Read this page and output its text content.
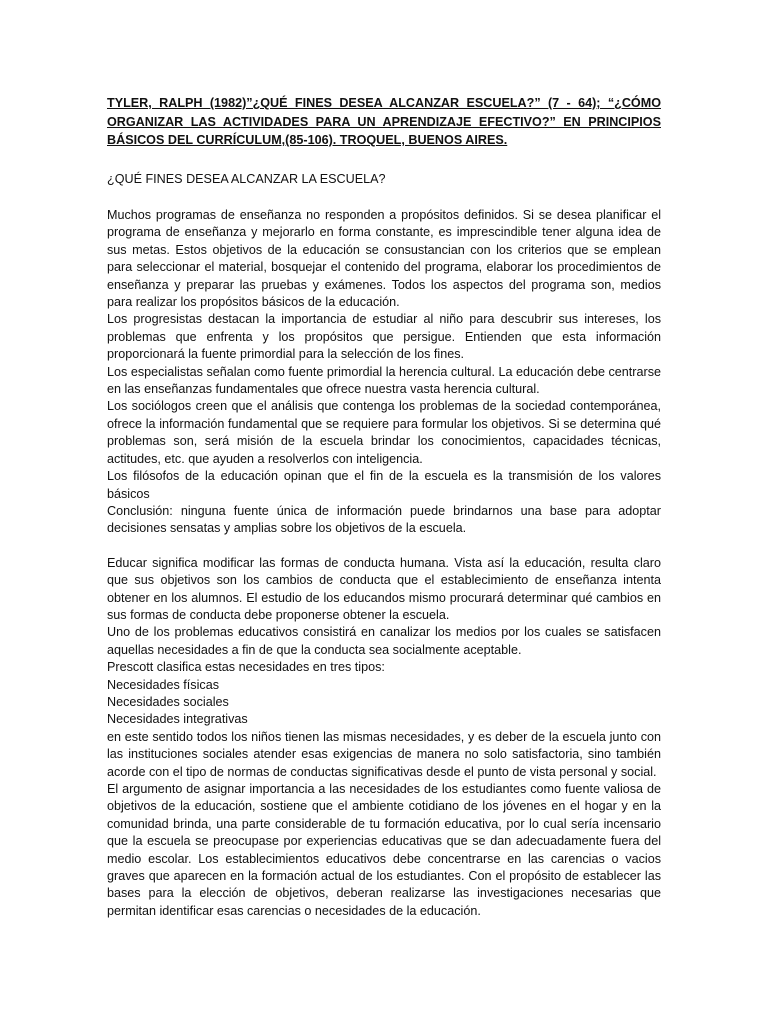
TYLER, RALPH (1982)”¿QUÉ FINES DESEA ALCANZAR ESCUELA?” (7 - 64); “¿CÓMO ORGANIZAR LAS ACTIVIDADES PARA UN APRENDIZAJE EFECTIVO?” EN PRINCIPIOS BÁSICOS DEL CURRÍCULUM,(85-106). TROQUEL, BUENOS AIRES.

¿QUÉ FINES DESEA ALCANZAR LA ESCUELA?

Muchos programas de enseñanza no responden a propósitos definidos. Si se desea planificar el programa de enseñanza y mejorarlo en forma constante, es imprescindible tener alguna idea de sus metas. Estos objetivos de la educación se consustancian con los criterios que se emplean para seleccionar el material, bosquejar el contenido del programa, elaborar los procedimientos de enseñanza y preparar las pruebas y exámenes. Todos los aspectos del programa son, medios para realizar los propósitos básicos de la educación.

Los progresistas destacan la importancia de estudiar al niño para descubrir sus intereses, los problemas que enfrenta y los propósitos que persigue. Entienden que esta información proporcionará la fuente primordial para la selección de los fines.

Los especialistas señalan como fuente primordial la herencia cultural. La educación debe centrarse en las enseñanzas fundamentales que ofrece nuestra vasta herencia cultural.

Los sociólogos creen que el análisis que contenga los problemas de la sociedad contemporánea, ofrece la información fundamental que se requiere para formular los objetivos. Si se determina qué problemas son, será misión de la escuela brindar los conocimientos, capacidades técnicas, actitudes, etc. que ayuden a resolverlos con inteligencia.

Los filósofos de la educación opinan que el fin de la escuela es la transmisión de los valores básicos

Conclusión: ninguna fuente única de información puede brindarnos una base para adoptar decisiones sensatas y amplias sobre los objetivos de la escuela.

Educar significa modificar las formas de conducta humana. Vista así la educación, resulta claro que sus objetivos son los cambios de conducta que el establecimiento de enseñanza intenta obtener en los alumnos. El estudio de los educandos mismo procurará determinar qué cambios en sus formas de conducta debe proponerse obtener la escuela.

Uno de los problemas educativos consistirá en canalizar los medios por los cuales se satisfacen aquellas necesidades a fin de que la conducta sea socialmente aceptable.

Prescott clasifica estas necesidades en tres tipos:

Necesidades físicas

Necesidades sociales

Necesidades integrativas

en este sentido todos los niños tienen las mismas necesidades, y es deber de la escuela junto con las instituciones sociales atender esas exigencias de manera no solo satisfactoria, sino también acorde con el tipo de normas de conductas significativas desde el punto de vista personal y social.

El argumento de asignar importancia a las necesidades de los estudiantes como fuente valiosa de objetivos de la educación, sostiene que el ambiente cotidiano de los jóvenes en el hogar y en la comunidad brinda, una parte considerable de tu formación educativa, por lo cual sería incensario que la escuela se preocupase por experiencias educativas que se dan adecuadamente fuera del medio escolar. Los establecimientos educativos debe concentrarse en las carencias o vacios graves que aparecen en la formación actual de los estudiantes. Con el propósito de establecer las bases para la elección de objetivos, deberan realizarse las investigaciones necesarias que permitan identificar esas carencias o necesidades de la educación.
